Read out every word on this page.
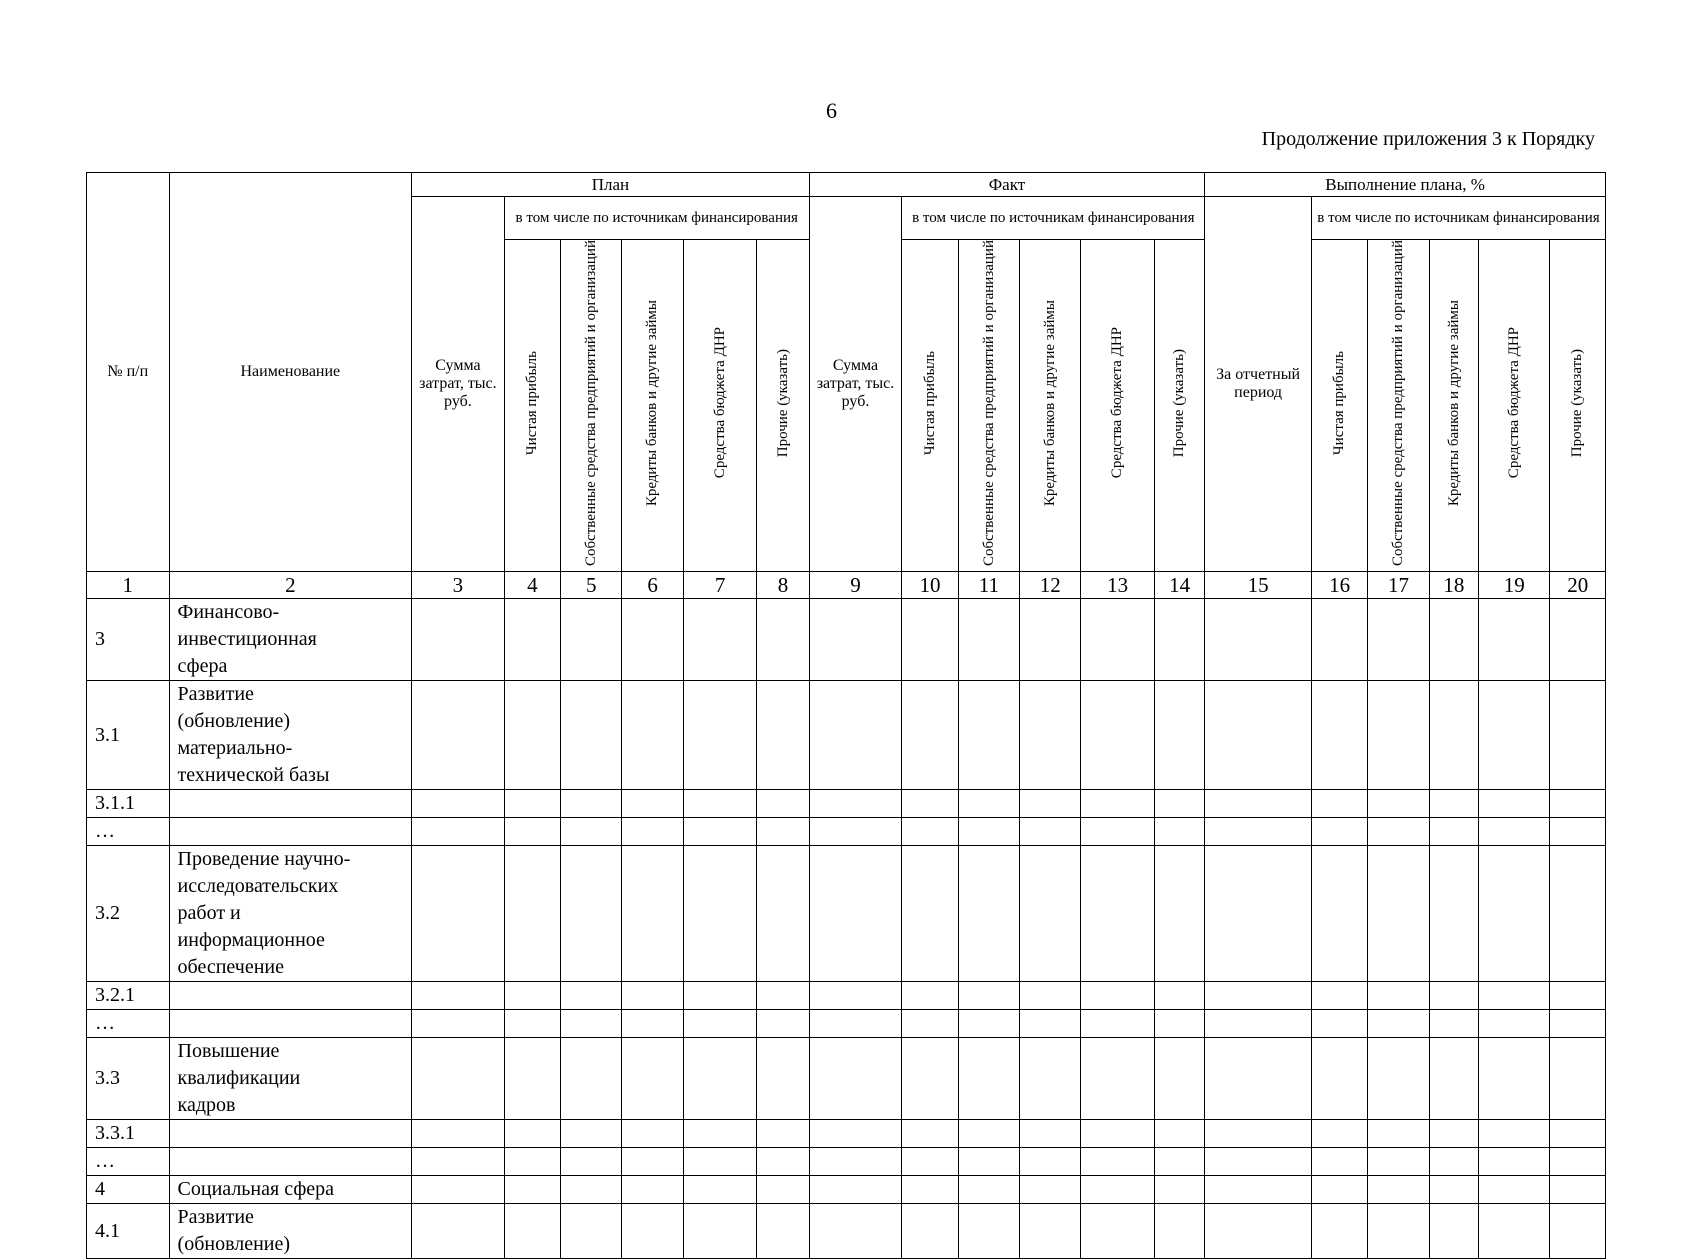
6
Продолжение приложения 3 к Порядку
№ п/п	Наименование	План						Факт						Выполнение плана, %					
		Сумма затрат, тыс. руб.	в том числе по источникам финансирования					Сумма затрат, тыс. руб.	в том числе по источникам финансирования					За отчетный период	в том числе по источникам финансирования				
			Чистая прибыль	Собственные средства предприятий и организаций	Кредиты банков и другие займы	Средства бюджета ДНР	Прочие (указать)		Чистая прибыль	Собственные средства предприятий и организаций	Кредиты банков и другие займы	Средства бюджета ДНР	Прочие (указать)		Чистая прибыль	Собственные средства предприятий и организаций	Кредиты банков и другие займы	Средства бюджета ДНР	Прочие (указать)
1	2	3	4	5	6	7	8	9	10	11	12	13	14	15	16	17	18	19	20
3	Финансово-
инвестиционная
сфера																		
3.1	Развитие
(обновление)
материально-
технической базы																		
3.1.1																			
…																			
3.2	Проведение научно-
исследовательских
работ и
информационное
обеспечение																		
3.2.1																			
…																			
3.3	Повышение
квалификации
кадров																		
3.3.1																			
…																			
4	Социальная сфера																		
4.1	Развитие
(обновление)																		
